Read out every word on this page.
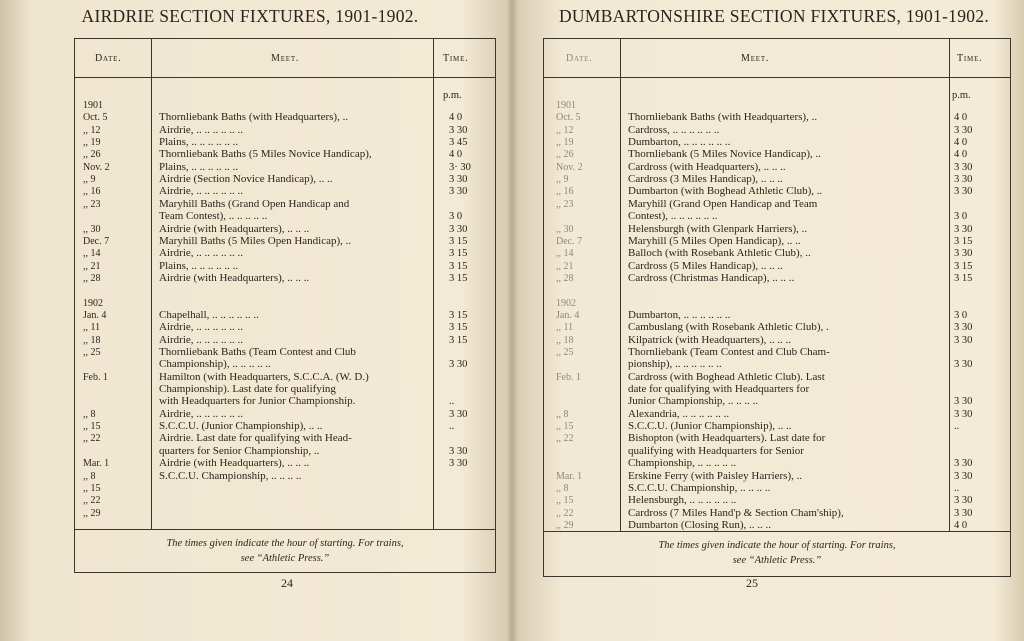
AIRDRIE SECTION FIXTURES, 1901-1902.
Date.	Meet.	Time.
p.m.
1901
Oct. 5	Thornliebank Baths (with Headquarters), ..	4 0
,, 12	Airdrie, .. .. .. .. .. ..	3 30
,, 19	Plains, .. .. .. .. .. ..	3 45
,, 26	Thornliebank Baths (5 Miles Novice Handicap),	4 0
Nov. 2	Plains, .. .. .. .. .. ..	3· 30
,, 9	Airdrie (Section Novice Handicap), .. ..	3 30
,, 16	Airdrie, .. .. .. .. .. ..	3 30
,, 23	Maryhill Baths (Grand Open Handicap and
Team Contest), .. .. .. .. ..	3 0
,, 30	Airdrie (with Headquarters), .. .. ..	3 30
Dec. 7	Maryhill Baths (5 Miles Open Handicap), ..	3 15
,, 14	Airdrie, .. .. .. .. .. ..	3 15
,, 21	Plains, .. .. .. .. .. ..	3 15
,, 28	Airdrie (with Headquarters), .. .. ..	3 15
1902
Jan. 4	Chapelhall, .. .. .. .. .. ..	3 15
,, 11	Airdrie, .. .. .. .. .. ..	3 15
,, 18	Airdrie, .. .. .. .. .. ..	3 15
,, 25	Thornliebank Baths (Team Contest and Club
Championship), .. .. .. .. ..	3 30
Feb. 1	Hamilton (with Headquarters, S.C.C.A. (W. D.)
Championship). Last date for qualifying
with Headquarters for Junior Championship.	..
,, 8	Airdrie, .. .. .. .. .. ..	3 30
,, 15	S.C.C.U. (Junior Championship), .. ..	..
,, 22	Airdrie. Last date for qualifying with Head-
quarters for Senior Championship, ..	3 30
Mar. 1	Airdrie (with Headquarters), .. .. ..	3 30
,, 8	S.C.C.U. Championship, .. .. .. ..
,, 15
,, 22
,, 29
The times given indicate the hour of starting. For trains,
see “Athletic Press.”
24
DUMBARTONSHIRE SECTION FIXTURES, 1901-1902.
Date.	Meet.	Time.
p.m.
1901
Oct. 5	Thornliebank Baths (with Headquarters), ..	4 0
,, 12	Cardross, .. .. .. .. .. ..	3 30
,, 19	Dumbarton, .. .. .. .. .. ..	4 0
,, 26	Thornliebank (5 Miles Novice Handicap), ..	4 0
Nov. 2	Cardross (with Headquarters), .. .. ..	3 30
,, 9	Cardross (3 Miles Handicap), .. .. ..	3 30
,, 16	Dumbarton (with Boghead Athletic Club), ..	3 30
,, 23	Maryhill (Grand Open Handicap and Team
Contest), .. .. .. .. .. ..	3 0
,, 30	Helensburgh (with Glenpark Harriers), ..	3 30
Dec. 7	Maryhill (5 Miles Open Handicap), .. ..	3 15
,, 14	Balloch (with Rosebank Athletic Club), ..	3 30
,, 21	Cardross (5 Miles Handicap), .. .. ..	3 15
,, 28	Cardross (Christmas Handicap), .. .. ..	3 15
1902
Jan. 4	Dumbarton, .. .. .. .. .. ..	3 0
,, 11	Cambuslang (with Rosebank Athletic Club), .	3 30
,, 18	Kilpatrick (with Headquarters), .. .. ..	3 30
,, 25	Thornliebank (Team Contest and Club Cham-
pionship), .. .. .. .. .. ..	3 30
Feb. 1	Cardross (with Boghead Athletic Club). Last
date for qualifying with Headquarters for
Junior Championship, .. .. .. ..	3 30
,, 8	Alexandria, .. .. .. .. .. ..	3 30
,, 15	S.C.C.U. (Junior Championship), .. ..	..
,, 22	Bishopton (with Headquarters). Last date for
qualifying with Headquarters for Senior
Championship, .. .. .. .. ..	3 30
Mar. 1	Erskine Ferry (with Paisley Harriers), ..	3 30
,, 8	S.C.C.U. Championship, .. .. .. ..	..
,, 15	Helensburgh, .. .. .. .. .. ..	3 30
,, 22	Cardross (7 Miles Hand'p & Section Cham'ship),	3 30
,, 29	Dumbarton (Closing Run), .. .. ..	4 0
The times given indicate the hour of starting. For trains,
see “Athletic Press.”
25
